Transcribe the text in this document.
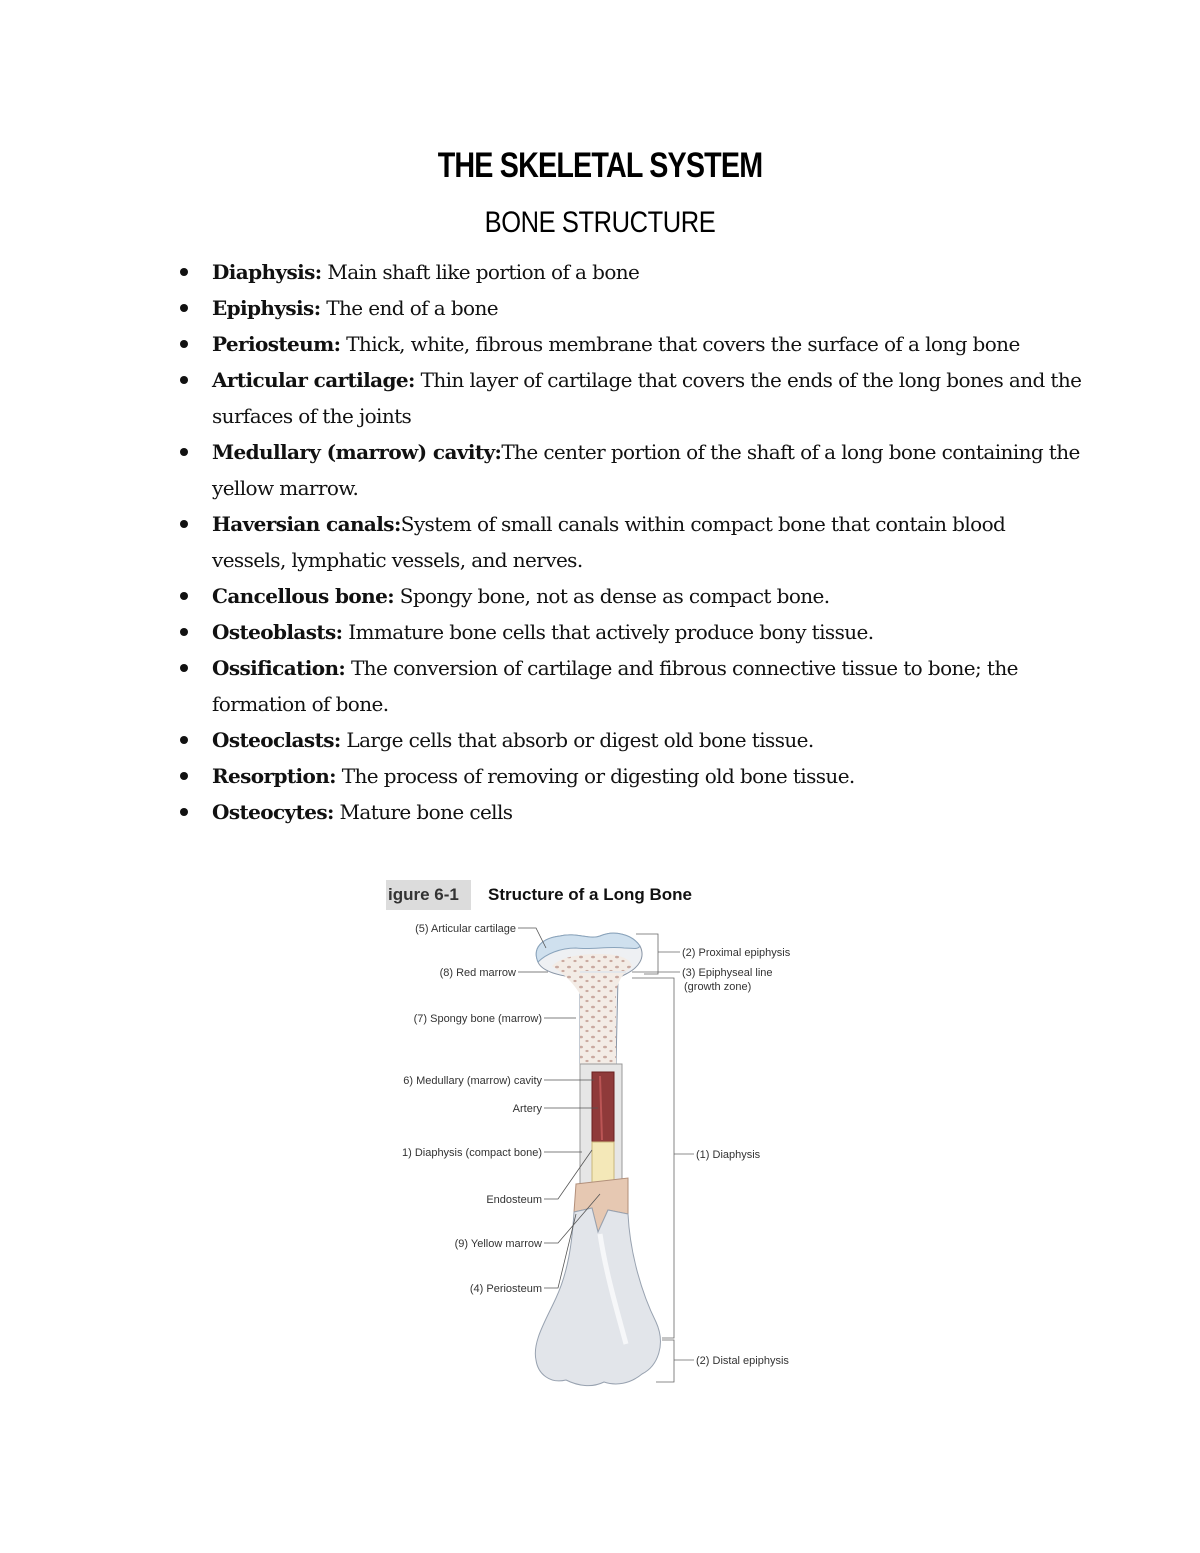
THE SKELETAL SYSTEM
BONE STRUCTURE
Diaphysis: Main shaft like portion of a bone
Epiphysis: The end of a bone
Periosteum: Thick, white, fibrous membrane that covers the surface of a long bone
Articular cartilage: Thin layer of cartilage that covers the ends of the long bones and the surfaces of the joints
Medullary (marrow) cavity:The center portion of the shaft of a long bone containing the yellow marrow.
Haversian canals:System of small canals within compact bone that contain blood vessels, lymphatic vessels, and nerves.
Cancellous bone: Spongy bone, not as dense as compact bone.
Osteoblasts: Immature bone cells that actively produce bony tissue.
Ossification: The conversion of cartilage and fibrous connective tissue to bone; the formation of bone.
Osteoclasts: Large cells that absorb or digest old bone tissue.
Resorption: The process of removing or digesting old bone tissue.
Osteocytes: Mature bone cells
igure 6-1	Structure of a Long Bone
(5) Articular cartilage
(8) Red marrow
(7) Spongy bone (marrow)
6) Medullary (marrow) cavity
Artery
1) Diaphysis (compact bone)
Endosteum
(9) Yellow marrow
(4) Periosteum
(2) Proximal epiphysis
(3) Epiphyseal line
(growth zone)
(1) Diaphysis
(2) Distal epiphysis
